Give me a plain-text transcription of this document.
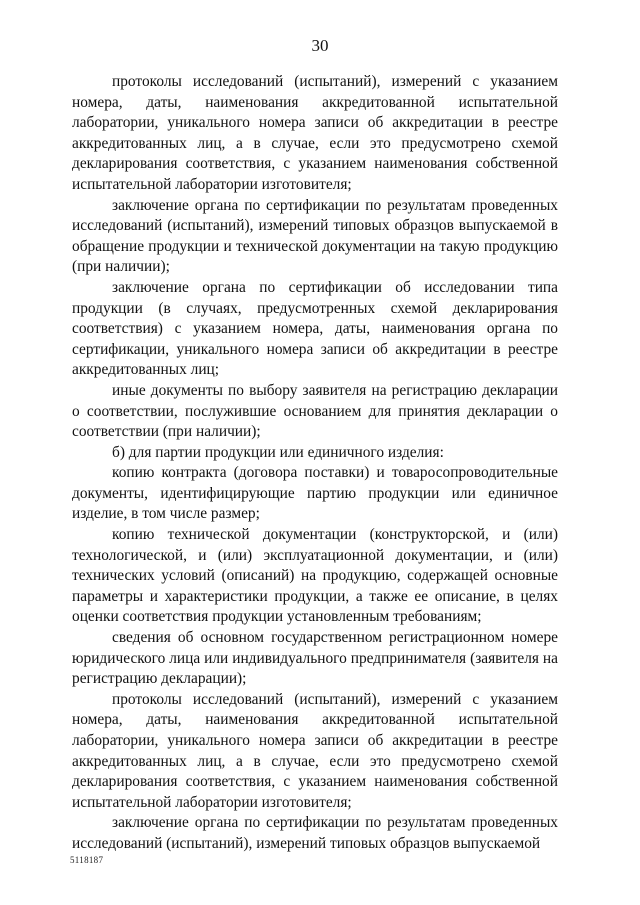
30

протоколы исследований (испытаний), измерений с указанием номера, даты, наименования аккредитованной испытательной лаборатории, уникального номера записи об аккредитации в реестре аккредитованных лиц, а в случае, если это предусмотрено схемой декларирования соответствия, с указанием наименования собственной испытательной лаборатории изготовителя;

заключение органа по сертификации по результатам проведенных исследований (испытаний), измерений типовых образцов выпускаемой в обращение продукции и технической документации на такую продукцию (при наличии);

заключение органа по сертификации об исследовании типа продукции (в случаях, предусмотренных схемой декларирования соответствия) с указанием номера, даты, наименования органа по сертификации, уникального номера записи об аккредитации в реестре аккредитованных лиц;

иные документы по выбору заявителя на регистрацию декларации о соответствии, послужившие основанием для принятия декларации о соответствии (при наличии);

б) для партии продукции или единичного изделия:

копию контракта (договора поставки) и товаросопроводительные документы, идентифицирующие партию продукции или единичное изделие, в том числе размер;

копию технической документации (конструкторской, и (или) технологической, и (или) эксплуатационной документации, и (или) технических условий (описаний) на продукцию, содержащей основные параметры и характеристики продукции, а также ее описание, в целях оценки соответствия продукции установленным требованиям;

сведения об основном государственном регистрационном номере юридического лица или индивидуального предпринимателя (заявителя на регистрацию декларации);

протоколы исследований (испытаний), измерений с указанием номера, даты, наименования аккредитованной испытательной лаборатории, уникального номера записи об аккредитации в реестре аккредитованных лиц, а в случае, если это предусмотрено схемой декларирования соответствия, с указанием наименования собственной испытательной лаборатории изготовителя;

заключение органа по сертификации по результатам проведенных исследований (испытаний), измерений типовых образцов выпускаемой

5118187
